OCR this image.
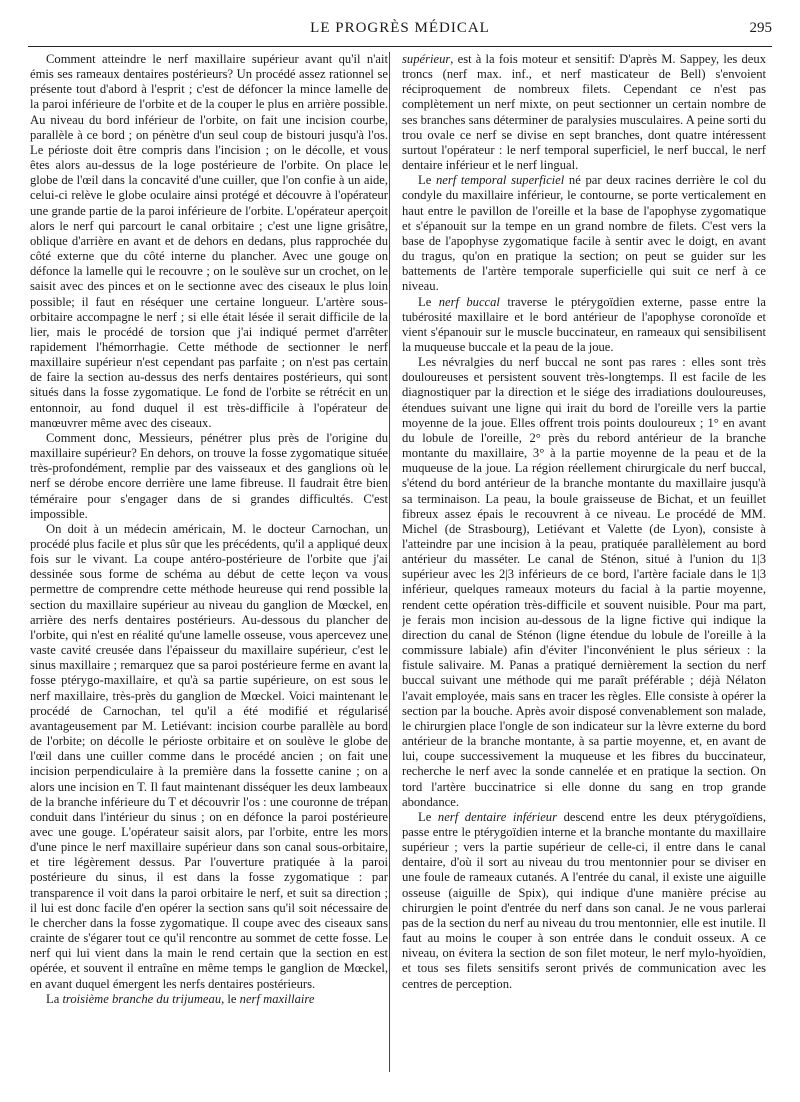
LE PROGRÈS MÉDICAL	295

Comment atteindre le nerf maxillaire supérieur avant qu'il n'ait émis ses rameaux dentaires postérieurs? Un procédé assez rationnel se présente tout d'abord à l'esprit ; c'est de défoncer la mince lamelle de la paroi inférieure de l'orbite et de la couper le plus en arrière possible. Au niveau du bord inférieur de l'orbite, on fait une incision courbe, parallèle à ce bord ; on pénètre d'un seul coup de bistouri jusqu'à l'os. Le périoste doit être compris dans l'incision ; on le décolle, et vous êtes alors au-dessus de la loge postérieure de l'orbite. On place le globe de l'œil dans la concavité d'une cuiller, que l'on confie à un aide, celui-ci relève le globe oculaire ainsi protégé et découvre à l'opérateur une grande partie de la paroi inférieure de l'orbite. L'opérateur aperçoit alors le nerf qui parcourt le canal orbitaire ; c'est une ligne grisâtre, oblique d'arrière en avant et de dehors en dedans, plus rapprochée du côté externe que du côté interne du plancher. Avec une gouge on défonce la lamelle qui le recouvre ; on le soulève sur un crochet, on le saisit avec des pinces et on le sectionne avec des ciseaux le plus loin possible; il faut en réséquer une certaine longueur. L'artère sous-orbitaire accompagne le nerf ; si elle était lésée il serait difficile de la lier, mais le procédé de torsion que j'ai indiqué permet d'arrêter rapidement l'hémorrhagie. Cette méthode de sectionner le nerf maxillaire supérieur n'est cependant pas parfaite ; on n'est pas certain de faire la section au-dessus des nerfs dentaires postérieurs, qui sont situés dans la fosse zygomatique. Le fond de l'orbite se rétrécit en un entonnoir, au fond duquel il est très-difficile à l'opérateur de manœuvrer même avec des ciseaux.

Comment donc, Messieurs, pénétrer plus près de l'origine du maxillaire supérieur? En dehors, on trouve la fosse zygomatique située très-profondément, remplie par des vaisseaux et des ganglions où le nerf se dérobe encore derrière une lame fibreuse. Il faudrait être bien téméraire pour s'engager dans de si grandes difficultés. C'est impossible.

On doit à un médecin américain, M. le docteur Carnochan, un procédé plus facile et plus sûr que les précédents, qu'il a appliqué deux fois sur le vivant. La coupe antéro-postérieure de l'orbite que j'ai dessinée sous forme de schéma au début de cette leçon va vous permettre de comprendre cette méthode heureuse qui rend possible la section du maxillaire supérieur au niveau du ganglion de Mœckel, en arrière des nerfs dentaires postérieurs. Au-dessous du plancher de l'orbite, qui n'est en réalité qu'une lamelle osseuse, vous apercevez une vaste cavité creusée dans l'épaisseur du maxillaire supérieur, c'est le sinus maxillaire ; remarquez que sa paroi postérieure ferme en avant la fosse ptérygo-maxillaire, et qu'à sa partie supérieure, on est sous le nerf maxillaire, très-près du ganglion de Mœckel. Voici maintenant le procédé de Carnochan, tel qu'il a été modifié et régularisé avantageusement par M. Letiévant: incision courbe parallèle au bord de l'orbite; on décolle le périoste orbitaire et on soulève le globe de l'œil dans une cuiller comme dans le procédé ancien ; on fait une incision perpendiculaire à la première dans la fossette canine ; on a alors une incision en T. Il faut maintenant disséquer les deux lambeaux de la branche inférieure du T et découvrir l'os : une couronne de trépan conduit dans l'intérieur du sinus ; on en défonce la paroi postérieure avec une gouge. L'opérateur saisit alors, par l'orbite, entre les mors d'une pince le nerf maxillaire supérieur dans son canal sous-orbitaire, et tire légèrement dessus. Par l'ouverture pratiquée à la paroi postérieure du sinus, il est dans la fosse zygomatique : par transparence il voit dans la paroi orbitaire le nerf, et suit sa direction ; il lui est donc facile d'en opérer la section sans qu'il soit nécessaire de le chercher dans la fosse zygomatique. Il coupe avec des ciseaux sans crainte de s'égarer tout ce qu'il rencontre au sommet de cette fosse. Le nerf qui lui vient dans la main le rend certain que la section en est opérée, et souvent il entraîne en même temps le ganglion de Mœckel, en avant duquel émergent les nerfs dentaires postérieurs.

La troisième branche du trijumeau, le nerf maxillaire

supérieur, est à la fois moteur et sensitif: D'après M. Sappey, les deux troncs (nerf max. inf., et nerf masticateur de Bell) s'envoient réciproquement de nombreux filets. Cependant ce n'est pas complètement un nerf mixte, on peut sectionner un certain nombre de ses branches sans déterminer de paralysies musculaires. A peine sorti du trou ovale ce nerf se divise en sept branches, dont quatre intéressent surtout l'opérateur : le nerf temporal superficiel, le nerf buccal, le nerf dentaire inférieur et le nerf lingual.

Le nerf temporal superficiel né par deux racines derrière le col du condyle du maxillaire inférieur, le contourne, se porte verticalement en haut entre le pavillon de l'oreille et la base de l'apophyse zygomatique et s'épanouit sur la tempe en un grand nombre de filets. C'est vers la base de l'apophyse zygomatique facile à sentir avec le doigt, en avant du tragus, qu'on en pratique la section; on peut se guider sur les battements de l'artère temporale superficielle qui suit ce nerf à ce niveau.

Le nerf buccal traverse le ptérygoïdien externe, passe entre la tubérosité maxillaire et le bord antérieur de l'apophyse coronoïde et vient s'épanouir sur le muscle buccinateur, en rameaux qui sensibilisent la muqueuse buccale et la peau de la joue.

Les névralgies du nerf buccal ne sont pas rares : elles sont très douloureuses et persistent souvent très-longtemps. Il est facile de les diagnostiquer par la direction et le siége des irradiations douloureuses, étendues suivant une ligne qui irait du bord de l'oreille vers la partie moyenne de la joue. Elles offrent trois points douloureux ; 1° en avant du lobule de l'oreille, 2° près du rebord antérieur de la branche montante du maxillaire, 3° à la partie moyenne de la peau et de la muqueuse de la joue. La région réellement chirurgicale du nerf buccal, s'étend du bord antérieur de la branche montante du maxillaire jusqu'à sa terminaison. La peau, la boule graisseuse de Bichat, et un feuillet fibreux assez épais le recouvrent à ce niveau. Le procédé de MM. Michel (de Strasbourg), Letiévant et Valette (de Lyon), consiste à l'atteindre par une incision à la peau, pratiquée parallèlement au bord antérieur du masséter. Le canal de Sténon, situé à l'union du 1|3 supérieur avec les 2|3 inférieurs de ce bord, l'artère faciale dans le 1|3 inférieur, quelques rameaux moteurs du facial à la partie moyenne, rendent cette opération très-difficile et souvent nuisible. Pour ma part, je ferais mon incision au-dessous de la ligne fictive qui indique la direction du canal de Sténon (ligne étendue du lobule de l'oreille à la commissure labiale) afin d'éviter l'inconvénient le plus sérieux : la fistule salivaire. M. Panas a pratiqué dernièrement la section du nerf buccal suivant une méthode qui me paraît préférable ; déjà Nélaton l'avait employée, mais sans en tracer les règles. Elle consiste à opérer la section par la bouche. Après avoir disposé convenablement son malade, le chirurgien place l'ongle de son indicateur sur la lèvre externe du bord antérieur de la branche montante, à sa partie moyenne, et, en avant de lui, coupe successivement la muqueuse et les fibres du buccinateur, recherche le nerf avec la sonde cannelée et en pratique la section. On tord l'artère buccinatrice si elle donne du sang en trop grande abondance.

Le nerf dentaire inférieur descend entre les deux ptérygoïdiens, passe entre le ptérygoïdien interne et la branche montante du maxillaire supérieur ; vers la partie supérieur de celle-ci, il entre dans le canal dentaire, d'où il sort au niveau du trou mentonnier pour se diviser en une foule de rameaux cutanés. A l'entrée du canal, il existe une aiguille osseuse (aiguille de Spix), qui indique d'une manière précise au chirurgien le point d'entrée du nerf dans son canal. Je ne vous parlerai pas de la section du nerf au niveau du trou mentonnier, elle est inutile. Il faut au moins le couper à son entrée dans le conduit osseux. A ce niveau, on évitera la section de son filet moteur, le nerf mylo-hyoïdien, et tous ses filets sensitifs seront privés de communication avec les centres de perception.
